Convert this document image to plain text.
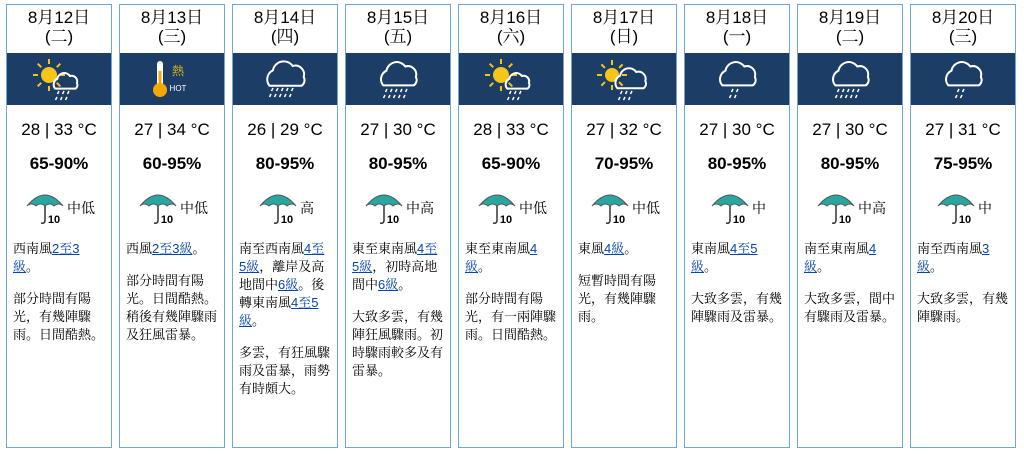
8月12日
(二)
28 | 33 °C
65-90%
10
中低
西南風2至3級。
部分時間有陽光，有幾陣驟雨。日間酷熱。
8月13日
(三)
熱
HOT
27 | 34 °C
60-95%
10
中低
西風2至3級。
部分時間有陽光。日間酷熱。稍後有幾陣驟雨及狂風雷暴。
8月14日
(四)
26 | 29 °C
80-95%
10
高
南至西南風4至5級，離岸及高地間中6級。後轉東南風4至5級。
多雲，有狂風驟雨及雷暴，雨勢有時頗大。
8月15日
(五)
27 | 30 °C
80-95%
10
中高
東至東南風4至5級，初時高地間中6級。
大致多雲，有幾陣狂風驟雨。初時驟雨較多及有雷暴。
8月16日
(六)
28 | 33 °C
65-90%
10
中低
東至東南風4級。
部分時間有陽光，有一兩陣驟雨。日間酷熱。
8月17日
(日)
27 | 32 °C
70-95%
10
中低
東風4級。
短暫時間有陽光，有幾陣驟雨。
8月18日
(一)
27 | 30 °C
80-95%
10
中
東南風4至5級。
大致多雲，有幾陣驟雨及雷暴。
8月19日
(二)
27 | 30 °C
80-95%
10
中高
南至東南風4級。
大致多雲，間中有驟雨及雷暴。
8月20日
(三)
27 | 31 °C
75-95%
10
中
南至西南風3級。
大致多雲，有幾陣驟雨。
